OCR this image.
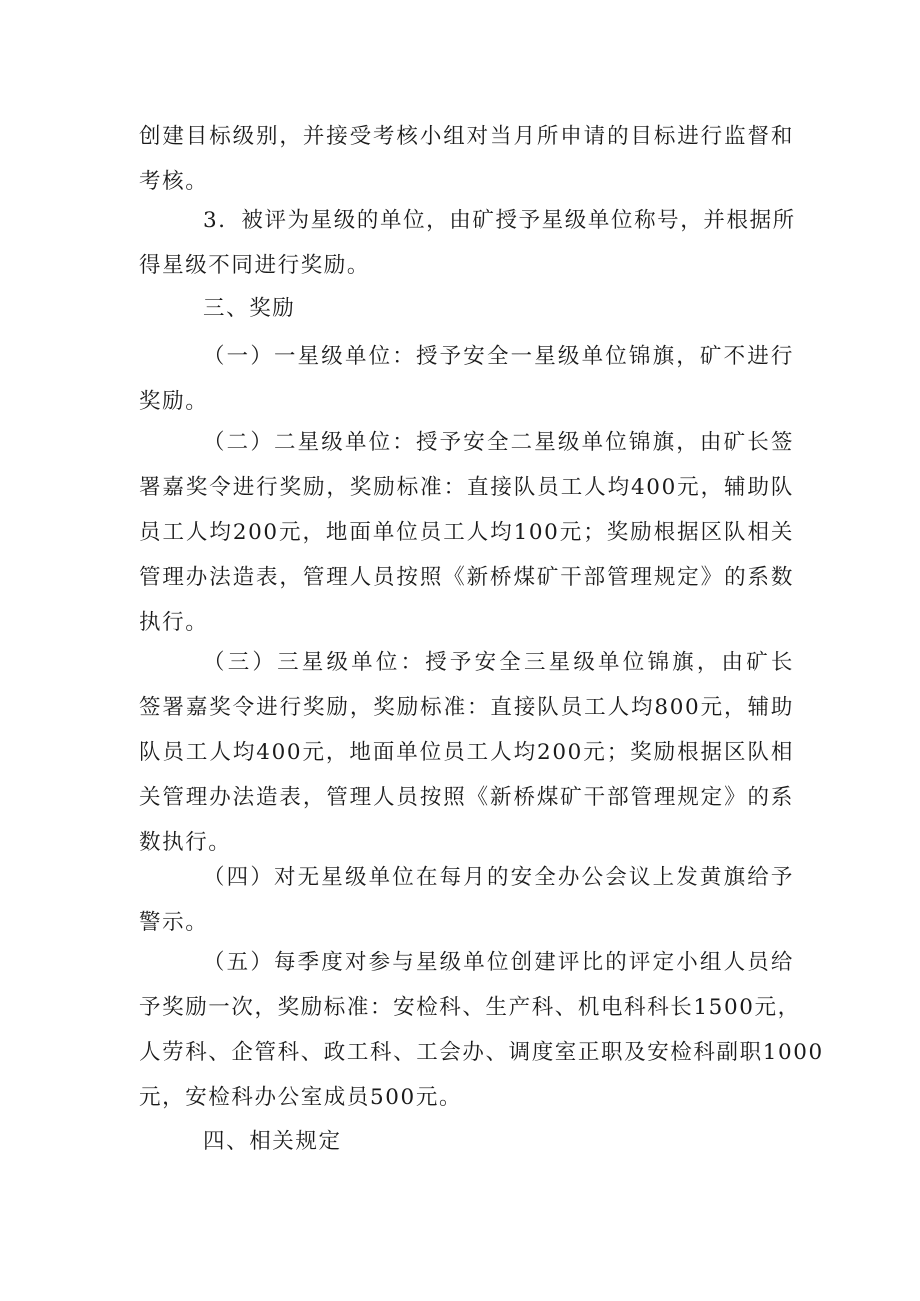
创建目标级别，并接受考核小组对当月所申请的目标进行监督和
考核。
3．被评为星级的单位，由矿授予星级单位称号，并根据所
得星级不同进行奖励。
三、奖励
（一）一星级单位：授予安全一星级单位锦旗，矿不进行
奖励。
（二）二星级单位：授予安全二星级单位锦旗，由矿长签
署嘉奖令进行奖励，奖励标准：直接队员工人均400元，辅助队
员工人均200元，地面单位员工人均100元；奖励根据区队相关
管理办法造表，管理人员按照《新桥煤矿干部管理规定》的系数
执行。
（三）三星级单位：授予安全三星级单位锦旗，由矿长
签署嘉奖令进行奖励，奖励标准：直接队员工人均800元，辅助
队员工人均400元，地面单位员工人均200元；奖励根据区队相
关管理办法造表，管理人员按照《新桥煤矿干部管理规定》的系
数执行。
（四）对无星级单位在每月的安全办公会议上发黄旗给予
警示。
（五）每季度对参与星级单位创建评比的评定小组人员给
予奖励一次，奖励标准：安检科、生产科、机电科科长1500元，
人劳科、企管科、政工科、工会办、调度室正职及安检科副职1000
元，安检科办公室成员500元。
四、相关规定
